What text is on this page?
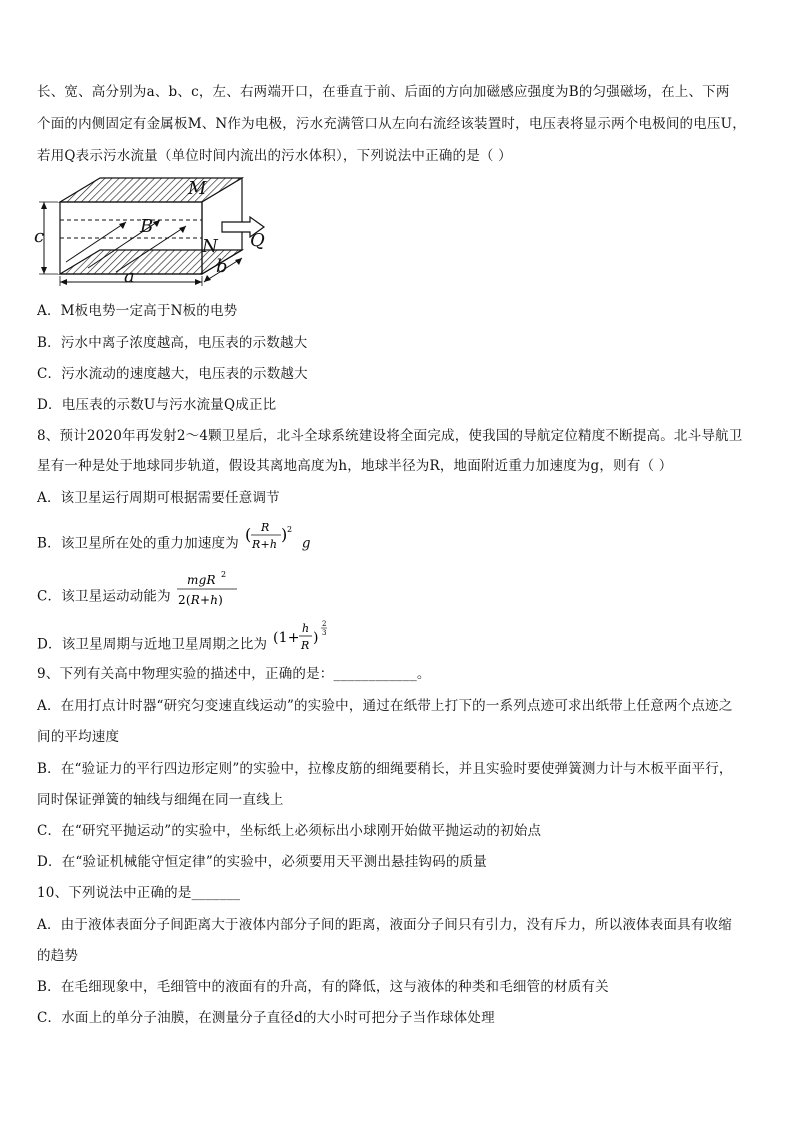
长、宽、高分别为a、b、c，左、右两端开口，在垂直于前、后面的方向加磁感应强度为B的匀强磁场，在上、下两
个面的内侧固定有金属板M、N作为电极，污水充满管口从左向右流经该装置时，电压表将显示两个电极间的电压U，
若用Q表示污水流量（单位时间内流出的污水体积），下列说法中正确的是（ ）
M
N
B
Q
a	b
c
A．M板电势一定高于N板的电势
B．污水中离子浓度越高，电压表的示数越大
C．污水流动的速度越大，电压表的示数越大
D．电压表的示数U与污水流量Q成正比
8、预计2020年再发射2～4颗卫星后，北斗全球系统建设将全面完成，使我国的导航定位精度不断提高。北斗导航卫
星有一种是处于地球同步轨道，假设其离地高度为h，地球半径为R，地面附近重力加速度为g，则有（ ）
A．该卫星运行周期可根据需要任意调节
B．该卫星所在处的重力加速度为 ( R
R+h
) 2
g
C．该卫星运动动能为
mgR 2
2(R+h)
D．该卫星周期与近地卫星周期之比为 (1+
h
R )
2
3
9、下列有关高中物理实验的描述中，正确的是：____________。
A．在用打点计时器“研究匀变速直线运动”的实验中，通过在纸带上打下的一系列点迹可求出纸带上任意两个点迹之
间的平均速度
B．在“验证力的平行四边形定则”的实验中，拉橡皮筋的细绳要稍长，并且实验时要使弹簧测力计与木板平面平行，
同时保证弹簧的轴线与细绳在同一直线上
C．在“研究平抛运动”的实验中，坐标纸上必须标出小球刚开始做平抛运动的初始点
D．在“验证机械能守恒定律”的实验中，必须要用天平测出悬挂钩码的质量
10、下列说法中正确的是_______
A．由于液体表面分子间距离大于液体内部分子间的距离，液面分子间只有引力，没有斥力，所以液体表面具有收缩
的趋势
B．在毛细现象中，毛细管中的液面有的升高，有的降低，这与液体的种类和毛细管的材质有关
C．水面上的单分子油膜，在测量分子直径d的大小时可把分子当作球体处理
